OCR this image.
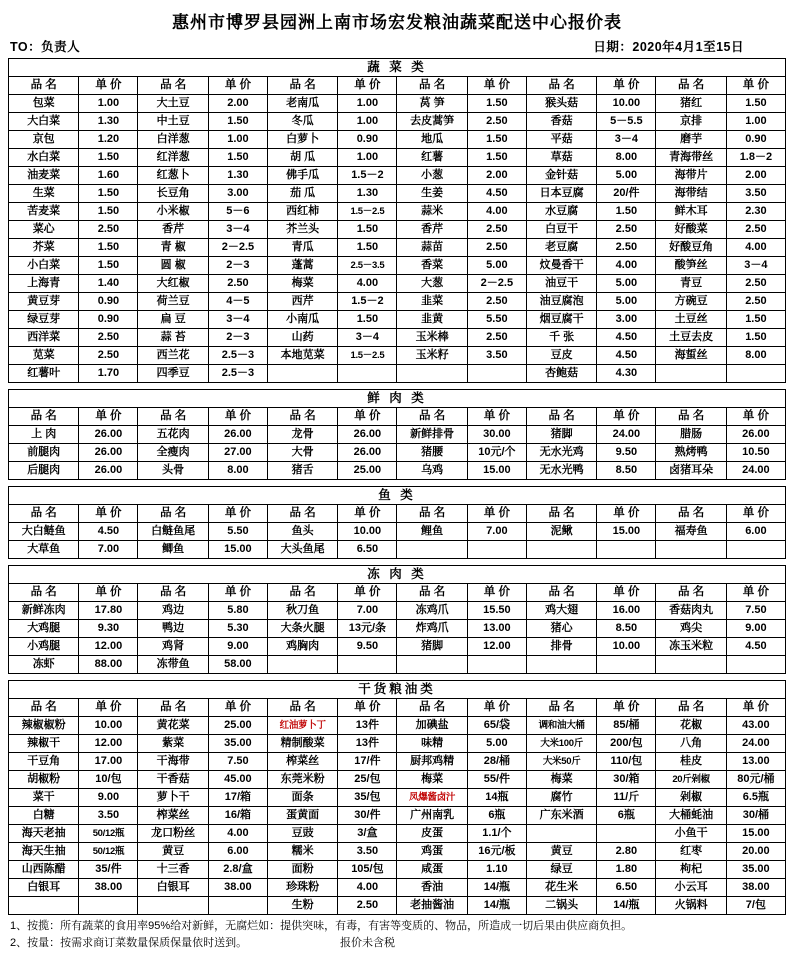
惠州市博罗县园洲上南市场宏发粮油蔬菜配送中心报价表
TO：负责人	日期：2020年4月1至15日
蔬 菜 类											
品 名	单 价	品 名	单 价	品 名	单 价	品 名	单 价	品 名	单 价	品 名	单 价
包菜	1.00	大土豆	2.00	老南瓜	1.00	莴 笋	1.50	猴头菇	10.00	猪红	1.50
大白菜	1.30	中土豆	1.50	冬瓜	1.00	去皮蒿笋	2.50	香菇	5－5.5	京排	1.00
京包	1.20	白洋葱	1.00	白萝卜	0.90	地瓜	1.50	平菇	3－4	磨芋	0.90
水白菜	1.50	红洋葱	1.50	胡 瓜	1.00	红薯	1.50	草菇	8.00	青海带丝	1.8－2
油麦菜	1.60	红葱卜	1.30	佛手瓜	1.5－2	小葱	2.00	金针菇	5.00	海带片	2.00
生菜	1.50	长豆角	3.00	茄 瓜	1.30	生姜	4.50	日本豆腐	20/件	海带结	3.50
苦麦菜	1.50	小米椒	5－6	西红柿	1.5－2.5	蒜米	4.00	水豆腐	1.50	鲜木耳	2.30
菜心	2.50	香芹	3－4	芥兰头	1.50	香芹	2.50	白豆干	2.50	好酸菜	2.50
芥菜	1.50	青 椒	2－2.5	青瓜	1.50	蒜苗	2.50	老豆腐	2.50	好酸豆角	4.00
小白菜	1.50	圆 椒	2－3	蓬蒿	2.5－3.5	香菜	5.00	炆曼香干	4.00	酸笋丝	3－4
上海青	1.40	大红椒	2.50	梅菜	4.00	大葱	2－2.5	油豆干	5.00	青豆	2.50
黄豆芽	0.90	荷兰豆	4－5	西芹	1.5－2	韭菜	2.50	油豆腐泡	5.00	方碗豆	2.50
绿豆芽	0.90	扁 豆	3－4	小南瓜	1.50	韭黄	5.50	烟豆腐干	3.00	土豆丝	1.50
西洋菜	2.50	蒜 苔	2－3	山药	3－4	玉米棒	2.50	千 张	4.50	土豆去皮	1.50
苋菜	2.50	西兰花	2.5－3	本地苋菜	1.5－2.5	玉米籽	3.50	豆皮	4.50	海蜇丝	8.00
红薯叶	1.70	四季豆	2.5－3					杏鲍菇	4.30		
鲜 肉 类											
品 名	单 价	品 名	单 价	品 名	单 价	品 名	单 价	品 名	单 价	品 名	单 价
上 肉	26.00	五花肉	26.00	龙骨	26.00	新鲜排骨	30.00	猪脚	24.00	腊肠	26.00
前腿肉	26.00	全瘦肉	27.00	大骨	26.00	猪腰	10元/个	无水光鸡	9.50	熟烤鸭	10.50
后腿肉	26.00	头骨	8.00	猪舌	25.00	乌鸡	15.00	无水光鸭	8.50	卤猪耳朵	24.00
鱼 类											
品 名	单 价	品 名	单 价	品 名	单 价	品 名	单 价	品 名	单 价	品 名	单 价
大白鲢鱼	4.50	白鲢鱼尾	5.50	鱼头	10.00	鲤鱼	7.00	泥鳅	15.00	福寿鱼	6.00
大草鱼	7.00	鲫鱼	15.00	大头鱼尾	6.50						
冻 肉 类											
品 名	单 价	品 名	单 价	品 名	单 价	品 名	单 价	品 名	单 价	品 名	单 价
新鲜冻肉	17.80	鸡边	5.80	秋刀鱼	7.00	冻鸡爪	15.50	鸡大翅	16.00	香菇肉丸	7.50
大鸡腿	9.30	鸭边	5.30	大条火腿	13元/条	炸鸡爪	13.00	猪心	8.50	鸡尖	9.00
小鸡腿	12.00	鸡肾	9.00	鸡胸肉	9.50	猪脚	12.00	排骨	10.00	冻玉米粒	4.50
冻虾	88.00	冻带鱼	58.00								
干货粮油类											
品 名	单 价	品 名	单 价	品 名	单 价	品 名	单 价	品 名	单 价	品 名	单 价
辣椒椒粉	10.00	黄花菜	25.00	红油萝卜丁	13件	加碘盐	65/袋	调和油大桶	85/桶	花椒	43.00
辣椒干	12.00	紫菜	35.00	精制酸菜	13件	味精	5.00	大米100斤	200/包	八角	24.00
干豆角	17.00	干海带	7.50	榨菜丝	17/件	厨邦鸡精	28/桶	大米50斤	110/包	桂皮	13.00
胡椒粉	10/包	干香菇	45.00	东莞米粉	25/包	梅菜	55/件	梅菜	30/箱	20斤剁椒	80元/桶
菜干	9.00	萝卜干	17/箱	面条	35/包	凤爆酱卤汁	14瓶	腐竹	11/斤	剁椒	6.5瓶
白糖	3.50	榨菜丝	16/箱	蛋黄面	30/件	广州南乳	6瓶	广东米酒	6瓶	大桶蚝油	30/桶
海天老抽	50/12瓶	龙口粉丝	4.00	豆豉	3/盒	皮蛋	1.1/个			小鱼干	15.00
海天生抽	50/12瓶	黄豆	6.00	糯米	3.50	鸡蛋	16元/板	黄豆	2.80	红枣	20.00
山西陈醋	35/件	十三香	2.8/盒	面粉	105/包	咸蛋	1.10	绿豆	1.80	枸杞	35.00
白银耳	38.00	白银耳	38.00	珍珠粉	4.00	香油	14/瓶	花生米	6.50	小云耳	38.00
				生粉	2.50	老抽酱油	14/瓶	二锅头	14/瓶	火锅料	7/包
1、按揽：所有蔬菜的食用率95%给对新鲜，无腐烂如：提供突味，有毒，有害等变质的、物品，所造成一切后果由供应商负担。
2、按量：按需求商订菜数量保质保量依时送到。	报价未含税
